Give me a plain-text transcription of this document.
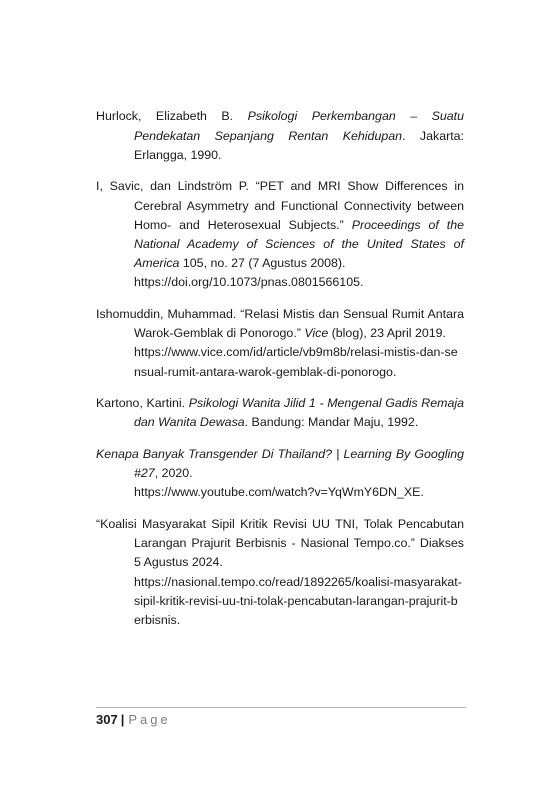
Hurlock, Elizabeth B. Psikologi Perkembangan – Suatu Pendekatan Sepanjang Rentan Kehidupan. Jakarta: Erlangga, 1990.

I, Savic, dan Lindström P. “PET and MRI Show Differences in Cerebral Asymmetry and Functional Connectivity between Homo- and Heterosexual Subjects.” Proceedings of the National Academy of Sciences of the United States of America 105, no. 27 (7 Agustus 2008).
https://doi.org/10.1073/pnas.0801566105.

Ishomuddin, Muhammad. “Relasi Mistis dan Sensual Rumit Antara Warok-Gemblak di Ponorogo.” Vice (blog), 23 April 2019.
https://www.vice.com/id/article/vb9m8b/relasi-mistis-dan-sensual-rumit-antara-warok-gemblak-di-ponorogo.

Kartono, Kartini. Psikologi Wanita Jilid 1 - Mengenal Gadis Remaja dan Wanita Dewasa. Bandung: Mandar Maju, 1992.

Kenapa Banyak Transgender Di Thailand? | Learning By Googling #27, 2020.
https://www.youtube.com/watch?v=YqWmY6DN_XE.

“Koalisi Masyarakat Sipil Kritik Revisi UU TNI, Tolak Pencabutan Larangan Prajurit Berbisnis - Nasional Tempo.co.” Diakses 5 Agustus 2024.
https://nasional.tempo.co/read/1892265/koalisi-masyarakat-sipil-kritik-revisi-uu-tni-tolak-pencabutan-larangan-prajurit-berbisnis.

307 | Page
